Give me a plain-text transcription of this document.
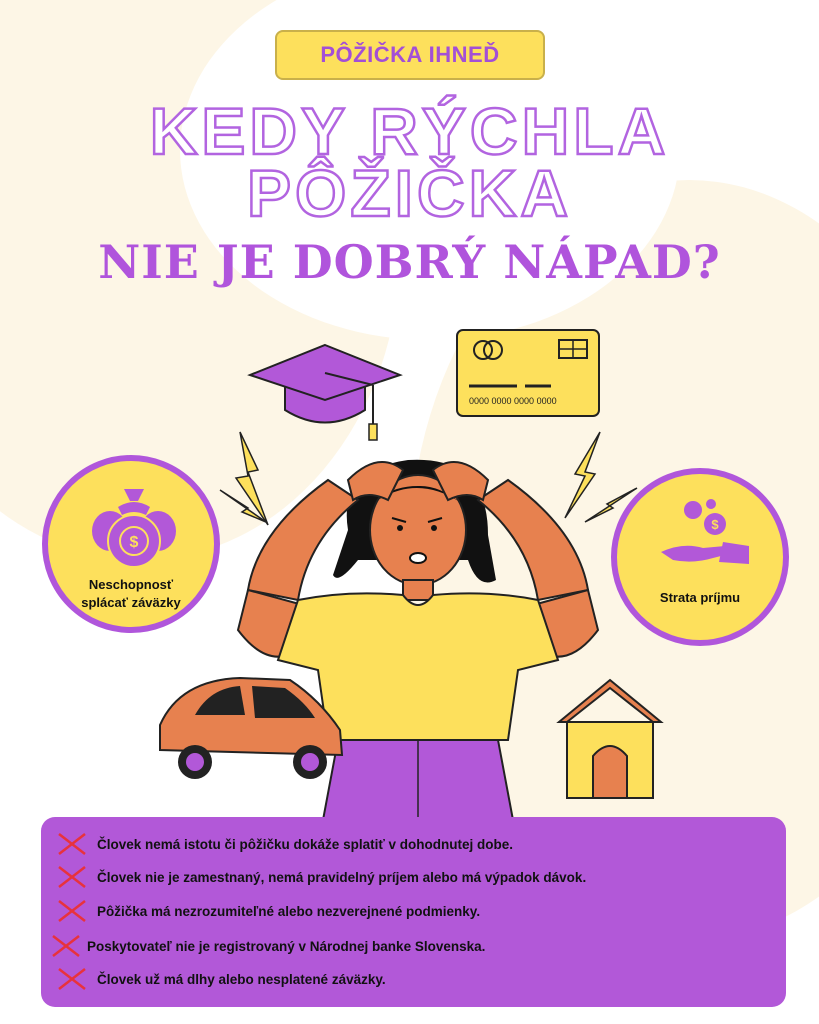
PÔŽIČKA IHNEĎ
KEDY RÝCHLA
PÔŽIČKA
NIE JE DOBRÝ NÁPAD?
0000 0000 0000 0000
$
Neschopnosť
splácať záväzky
$
Strata príjmu
Človek nemá istotu či pôžičku dokáže splatiť v dohodnutej dobe.
Človek nie je zamestnaný, nemá pravidelný príjem alebo má výpadok dávok.
Pôžička má nezrozumiteľné alebo nezverejnené podmienky.
Poskytovateľ nie je registrovaný v Národnej banke Slovenska.
Človek už má dlhy alebo nesplatené záväzky.
